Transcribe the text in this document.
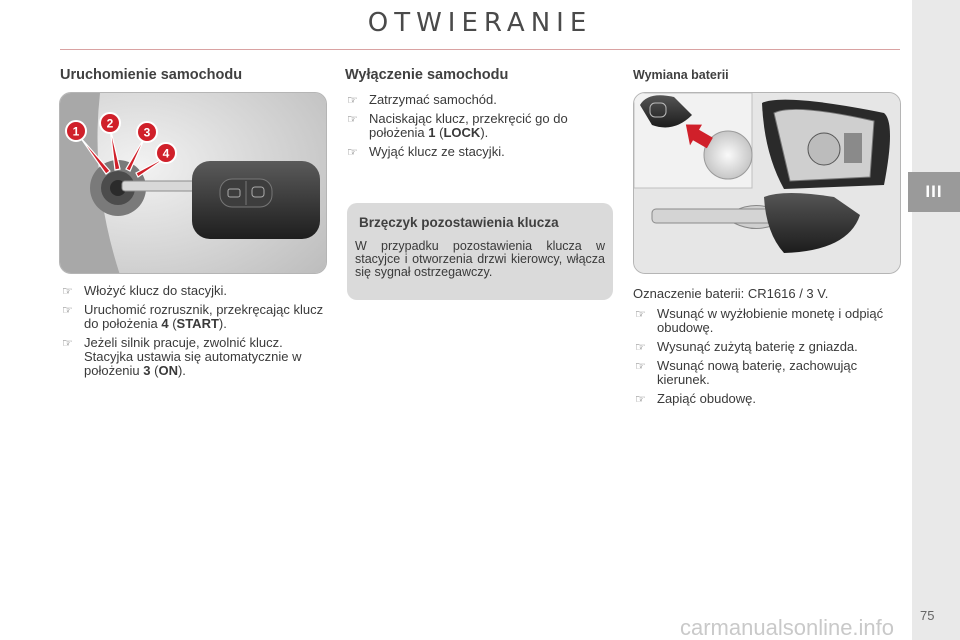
OTWIERANIE
III
Uruchomienie samochodu
1
2
3
4
☞ Włożyć klucz do stacyjki.
☞ Uruchomić rozrusznik, przekręcając klucz do położenia 4 (START).
☞ Jeżeli silnik pracuje, zwolnić klucz. Stacyjka ustawia się automatycznie w położeniu 3 (ON).
Wyłączenie samochodu
☞ Zatrzymać samochód.
☞ Naciskając klucz, przekręcić go do położenia 1 (LOCK).
☞ Wyjąć klucz ze stacyjki.
Brzęczyk pozostawienia klucza
W przypadku pozostawienia klucza w stacyjce i otworzenia drzwi kierowcy, włącza się sygnał ostrzegawczy.
Wymiana baterii
Oznaczenie baterii: CR1616 / 3 V.
☞ Wsunąć w wyżłobienie monetę i odpiąć obudowę.
☞ Wysunąć zużytą baterię z gniazda.
☞ Wsunąć nową baterię, zachowując kierunek.
☞ Zapiąć obudowę.
carmanualsonline.info 75
